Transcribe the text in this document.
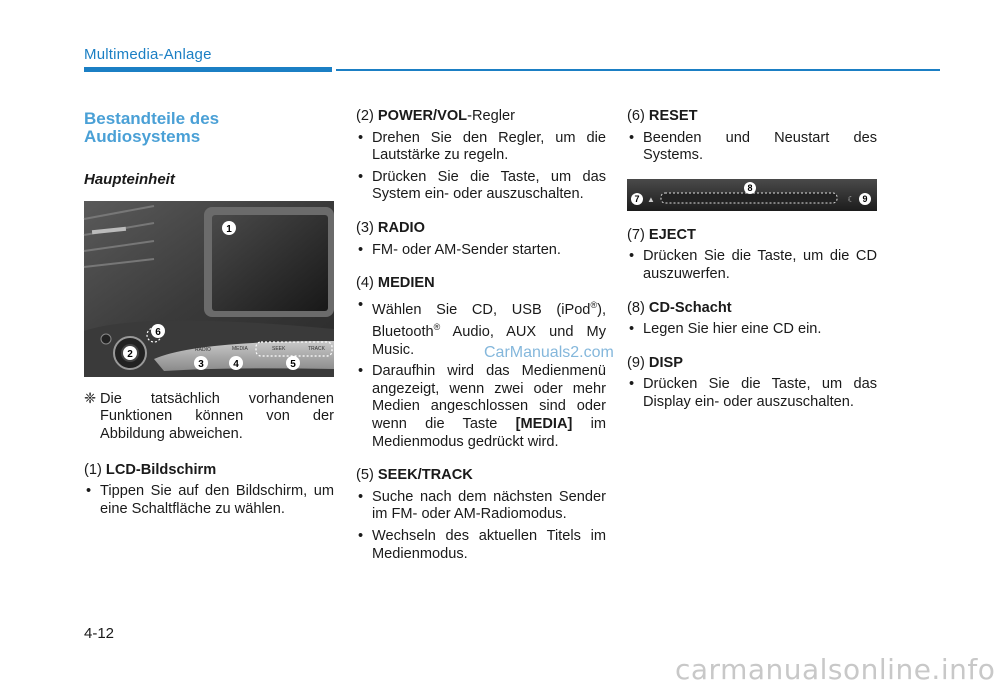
Multimedia-Anlage
Bestandteile des Audiosystems
Haupteinheit
RADIO	MEDIA	SEEK	TRACK
1
2
3	4	5
6
❈ Die tatsächlich vorhandenen Funktionen können von der Abbildung abweichen.
(1) LCD-Bildschirm
• Tippen Sie auf den Bildschirm, um eine Schaltfläche zu wählen.
(2) POWER/VOL-Regler
• Drehen Sie den Regler, um die Lautstärke zu regeln.
• Drücken Sie die Taste, um das System ein- oder auszuschalten.
(3) RADIO
• FM- oder AM-Sender starten.
(4) MEDIEN
• Wählen Sie CD, USB (iPod®), Bluetooth® Audio, AUX und My Music.
• Daraufhin wird das Medienmenü angezeigt, wenn zwei oder mehr Medien angeschlossen sind oder wenn die Taste [MEDIA] im Medienmodus gedrückt wird.
(5) SEEK/TRACK
• Suche nach dem nächsten Sender im FM- oder AM-Radiomodus.
• Wechseln des aktuellen Titels im Medienmodus.
(6) RESET
• Beenden und Neustart des Systems.
▲	☾
7
8
9
(7) EJECT
• Drücken Sie die Taste, um die CD auszuwerfen.
(8) CD-Schacht
• Legen Sie hier eine CD ein.
(9) DISP
• Drücken Sie die Taste, um das Display ein- oder auszuschalten.
CarManuals2.com
4-12
carmanualsonline.info
